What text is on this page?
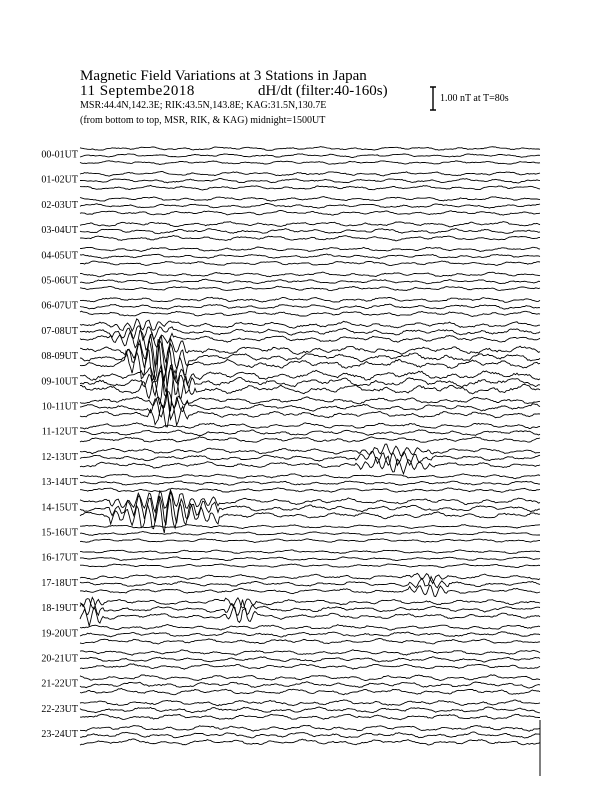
Magnetic Field Variations at 3 Stations in Japan
11 Septembe2018	dH/dt (filter:40-160s)
MSR:44.4N,142.3E; RIK:43.5N,143.8E; KAG:31.5N,130.7E
(from bottom to top, MSR, RIK, & KAG) midnight=1500UT
1.00 nT at T=80s
00-01UT
01-02UT
02-03UT
03-04UT
04-05UT
05-06UT
06-07UT
07-08UT
08-09UT
09-10UT
10-11UT
11-12UT
12-13UT
13-14UT
14-15UT
15-16UT
16-17UT
17-18UT
18-19UT
19-20UT
20-21UT
21-22UT
22-23UT
23-24UT
